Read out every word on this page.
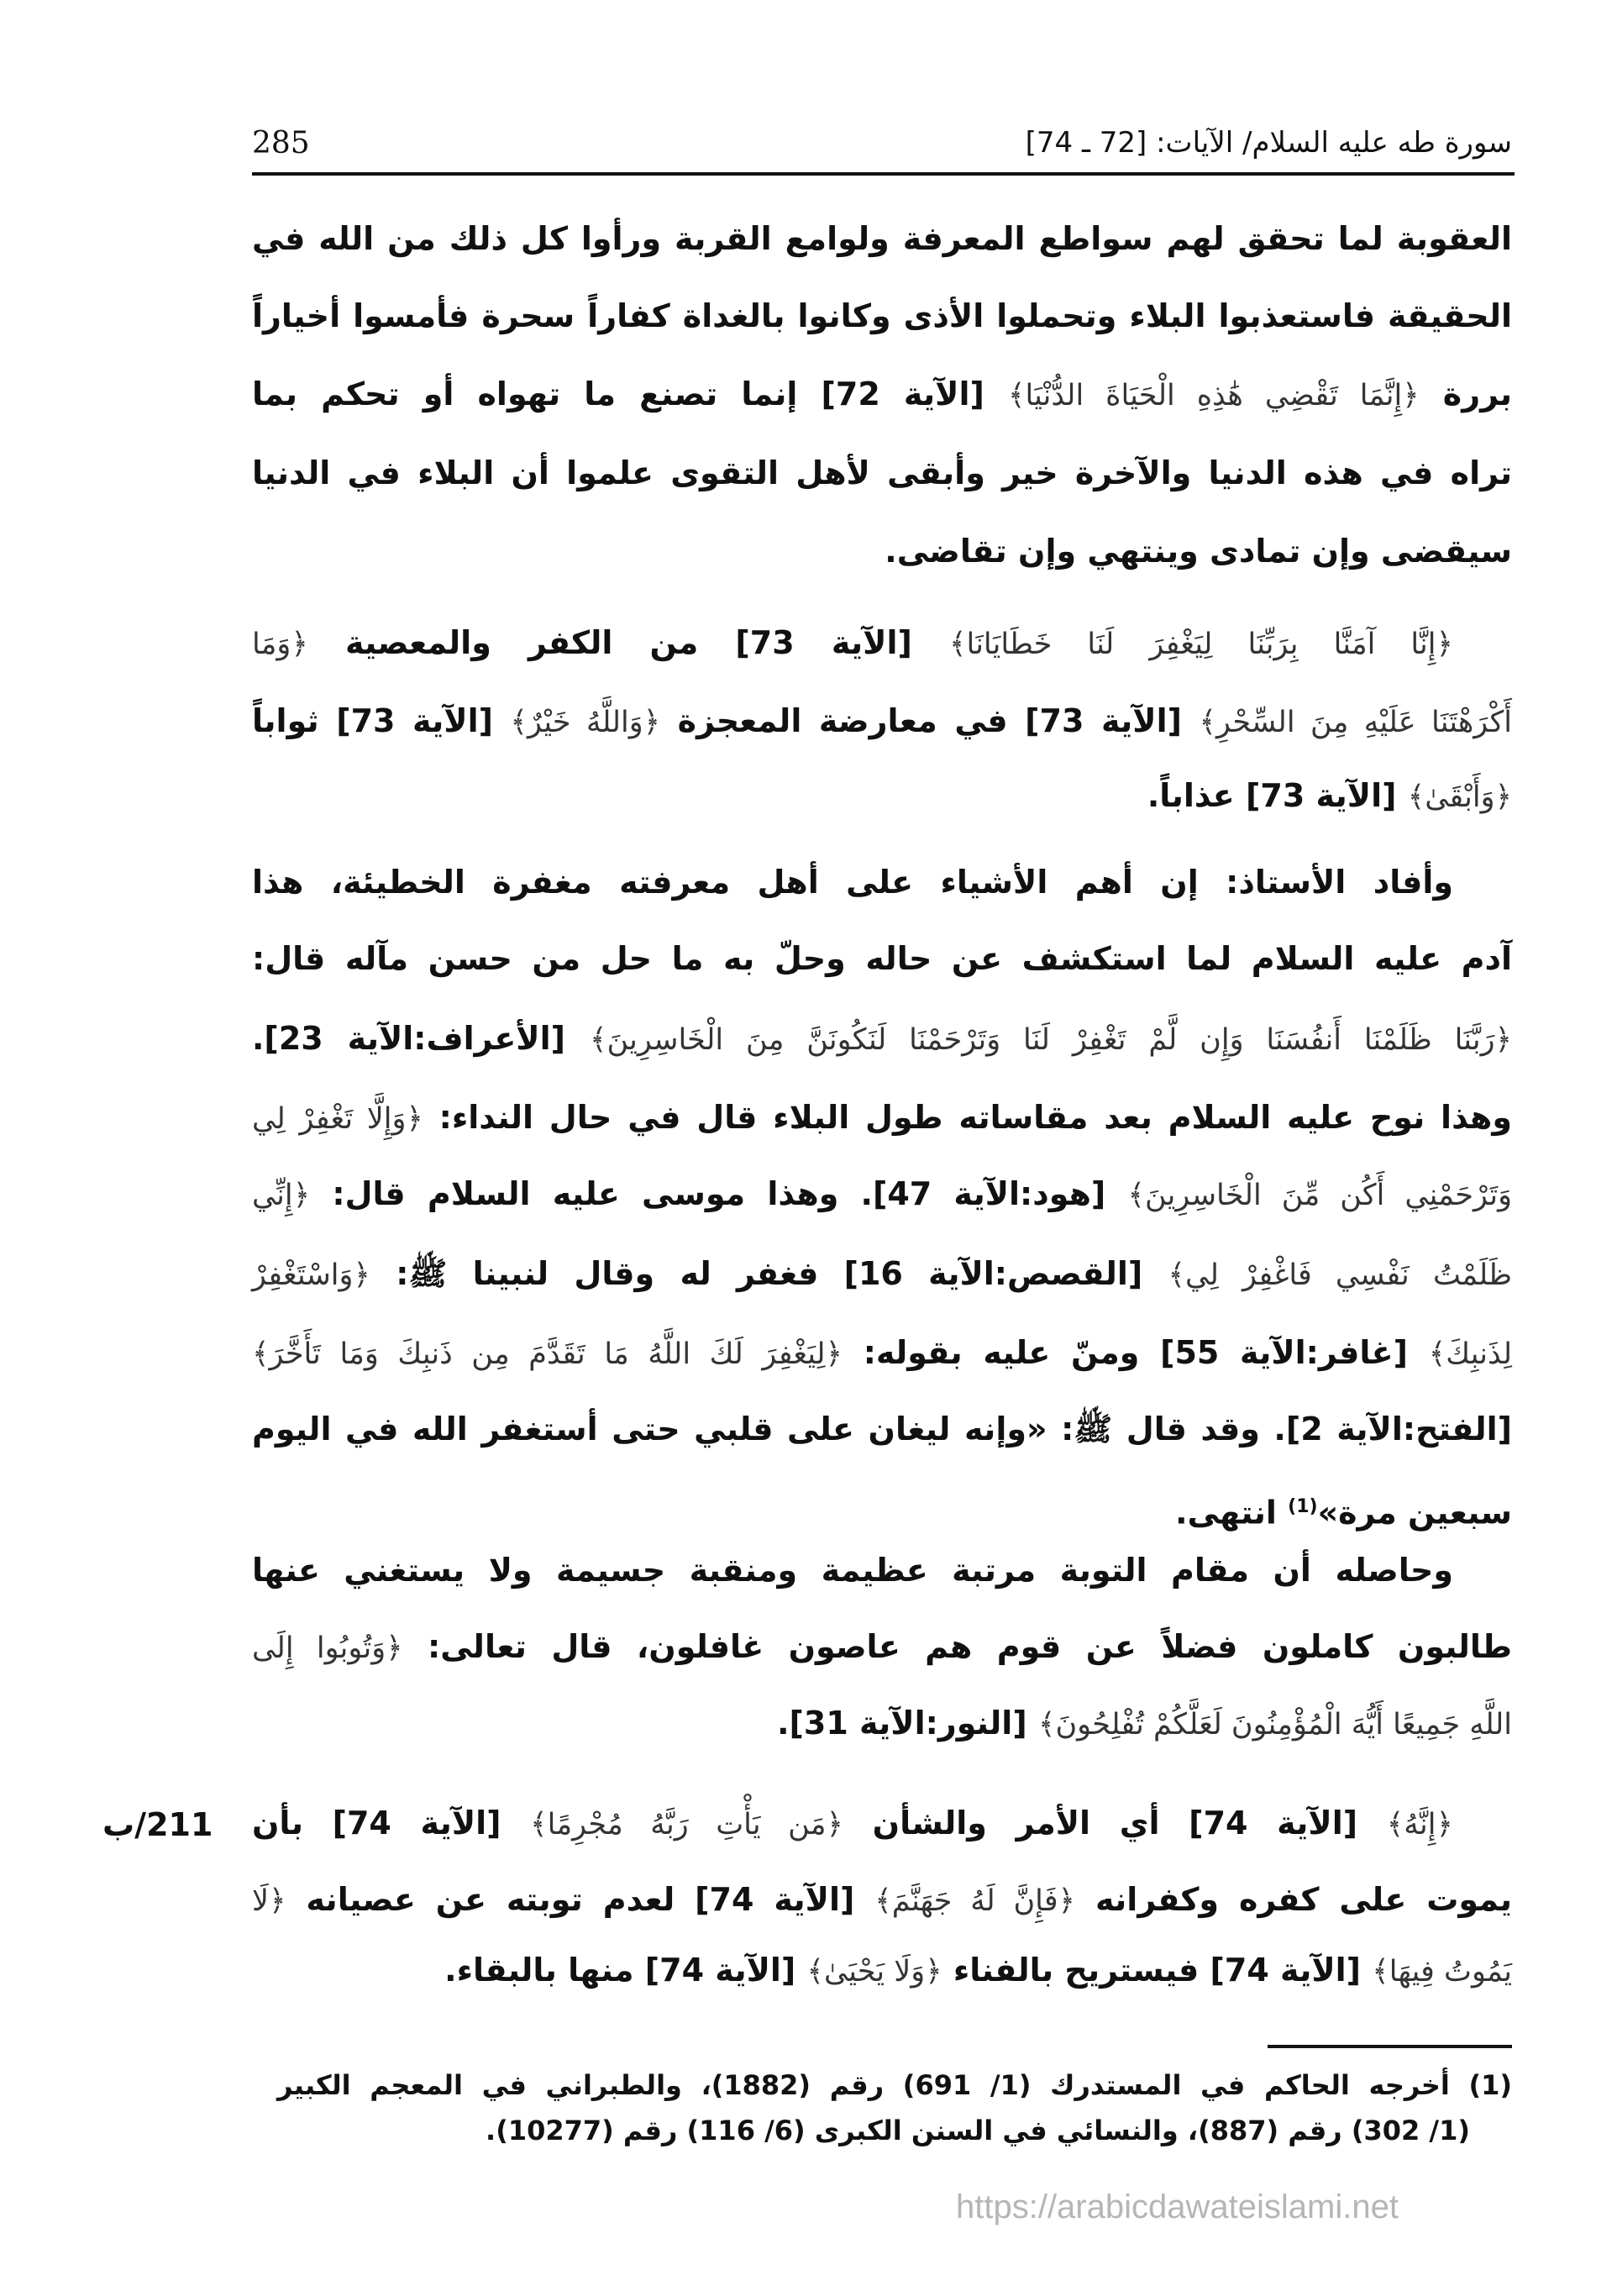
سورة طه عليه السلام/ الآيات: [72 ـ 74]
285
العقوبة لما تحقق لهم سواطع المعرفة ولوامع القربة ورأوا كل ذلك من الله في
الحقيقة فاستعذبوا البلاء وتحملوا الأذى وكانوا بالغداة كفاراً سحرة فأمسوا أخياراً
بررة ﴿إِنَّمَا تَقْضِي هَٰذِهِ الْحَيَاةَ الدُّنْيَا﴾ [الآية 72] إنما تصنع ما تهواه أو تحكم بما
تراه في هذه الدنيا والآخرة خير وأبقى لأهل التقوى علموا أن البلاء في الدنيا
سيقضى وإن تمادى وينتهي وإن تقاضى.
﴿إِنَّا آمَنَّا بِرَبِّنَا لِيَغْفِرَ لَنَا خَطَايَانَا﴾ [الآية 73] من الكفر والمعصية ﴿وَمَا
أَكْرَهْتَنَا عَلَيْهِ مِنَ السِّحْرِ﴾ [الآية 73] في معارضة المعجزة ﴿وَاللَّهُ خَيْرٌ﴾ [الآية 73] ثواباً
﴿وَأَبْقَىٰ﴾ [الآية 73] عذاباً.
وأفاد الأستاذ: إن أهم الأشياء على أهل معرفته مغفرة الخطيئة، هذا
آدم عليه السلام لما استكشف عن حاله وحلّ به ما حل من حسن مآله قال:
﴿رَبَّنَا ظَلَمْنَا أَنفُسَنَا وَإِن لَّمْ تَغْفِرْ لَنَا وَتَرْحَمْنَا لَنَكُونَنَّ مِنَ الْخَاسِرِينَ﴾ [الأعراف:الآية 23].
وهذا نوح عليه السلام بعد مقاساته طول البلاء قال في حال النداء: ﴿وَإِلَّا تَغْفِرْ لِي
وَتَرْحَمْنِي أَكُن مِّنَ الْخَاسِرِينَ﴾ [هود:الآية 47]. وهذا موسى عليه السلام قال: ﴿إِنِّي
ظَلَمْتُ نَفْسِي فَاغْفِرْ لِي﴾ [القصص:الآية 16] فغفر له وقال لنبينا ﷺ: ﴿وَاسْتَغْفِرْ
لِذَنبِكَ﴾ [غافر:الآية 55] ومنّ عليه بقوله: ﴿لِيَغْفِرَ لَكَ اللَّهُ مَا تَقَدَّمَ مِن ذَنبِكَ وَمَا تَأَخَّرَ﴾
[الفتح:الآية 2]. وقد قال ﷺ: «وإنه ليغان على قلبي حتى أستغفر الله في اليوم
سبعين مرة»$^{(1)}$ انتهى.
وحاصله أن مقام التوبة مرتبة عظيمة ومنقبة جسيمة ولا يستغني عنها
طالبون كاملون فضلاً عن قوم هم عاصون غافلون، قال تعالى: ﴿وَتُوبُوا إِلَى
اللَّهِ جَمِيعًا أَيُّهَ الْمُؤْمِنُونَ لَعَلَّكُمْ تُفْلِحُونَ﴾ [النور:الآية 31].
﴿إِنَّهُ﴾ [الآية 74] أي الأمر والشأن ﴿مَن يَأْتِ رَبَّهُ مُجْرِمًا﴾ [الآية 74] بأن
يموت على كفره وكفرانه ﴿فَإِنَّ لَهُ جَهَنَّمَ﴾ [الآية 74] لعدم توبته عن عصيانه ﴿لَا
يَمُوتُ فِيهَا﴾ [الآية 74] فيستريح بالفناء ﴿وَلَا يَحْيَىٰ﴾ [الآية 74] منها بالبقاء.
211/ب
(1) أخرجه الحاكم في المستدرك (1/ 691) رقم (1882)، والطبراني في المعجم الكبير
(1/ 302) رقم (887)، والنسائي في السنن الكبرى (6/ 116) رقم (10277).
https://arabicdawateislami.net
